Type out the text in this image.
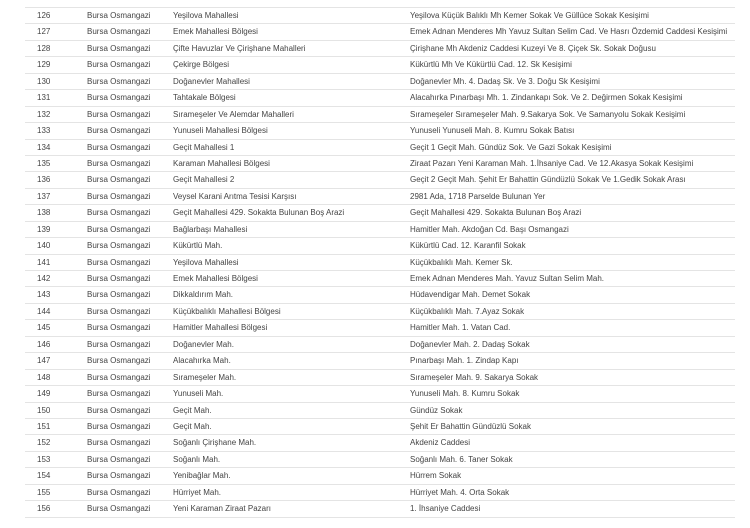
126	Bursa Osmangazi	Yeşilova Mahallesi	Yeşilova Küçük Balıklı Mh Kemer Sokak Ve Güllüce Sokak Kesişimi
127	Bursa Osmangazi	Emek Mahallesi Bölgesi	Emek Adnan Menderes Mh Yavuz Sultan Selim Cad. Ve Hasrı Özdemid Caddesi Kesişimi
128	Bursa Osmangazi	Çifte Havuzlar Ve Çirişhane Mahalleri	Çirişhane Mh Akdeniz Caddesi Kuzeyi Ve 8. Çiçek Sk. Sokak Doğusu
129	Bursa Osmangazi	Çekirge Bölgesi	Kükürtlü Mh Ve Kükürtlü Cad. 12. Sk Kesişimi
130	Bursa Osmangazi	Doğanevler Mahallesi	Doğanevler Mh. 4. Dadaş Sk. Ve 3. Doğu Sk Kesişimi
131	Bursa Osmangazi	Tahtakale Bölgesi	Alacahırka Pınarbaşı Mh. 1. Zindankapı Sok. Ve 2. Değirmen Sokak Kesişimi
132	Bursa Osmangazi	Sırameşeler Ve Alemdar Mahalleri	Sırameşeler Sırameşeler Mah. 9.Sakarya Sok. Ve Samanyolu Sokak Kesişimi
133	Bursa Osmangazi	Yunuseli Mahallesi Bölgesi	Yunuseli Yunuseli Mah. 8. Kumru Sokak Batısı
134	Bursa Osmangazi	Geçit Mahallesi 1	Geçit 1 Geçit Mah. Gündüz Sok. Ve Gazi Sokak Kesişimi
135	Bursa Osmangazi	Karaman Mahallesi Bölgesi	Ziraat Pazarı Yeni Karaman Mah. 1.İhsaniye Cad. Ve 12.Akasya Sokak Kesişimi
136	Bursa Osmangazi	Geçit Mahallesi 2	Geçit 2 Geçit Mah. Şehit Er Bahattin Gündüzlü Sokak Ve 1.Gedik Sokak Arası
137	Bursa Osmangazi	Veysel Karani Arıtma Tesisi Karşısı	2981 Ada, 1718 Parselde Bulunan Yer
138	Bursa Osmangazi	Geçit Mahallesi 429. Sokakta Bulunan Boş Arazi	Geçit Mahallesi 429. Sokakta Bulunan Boş Arazi
139	Bursa Osmangazi	Bağlarbaşı Mahallesi	Hamitler Mah. Akdoğan Cd. Başı Osmangazi
140	Bursa Osmangazi	Kükürtlü Mah.	Kükürtlü Cad. 12. Karanfil Sokak
141	Bursa Osmangazi	Yeşilova Mahallesi	Küçükbalıklı Mah. Kemer Sk.
142	Bursa Osmangazi	Emek Mahallesi Bölgesi	Emek Adnan Menderes Mah. Yavuz Sultan Selim Mah.
143	Bursa Osmangazi	Dikkaldırım Mah.	Hüdavendigar Mah. Demet Sokak
144	Bursa Osmangazi	Küçükbalıklı Mahallesi Bölgesi	Küçükbalıklı Mah. 7.Ayaz Sokak
145	Bursa Osmangazi	Hamitler Mahallesi Bölgesi	Hamitler Mah. 1. Vatan Cad.
146	Bursa Osmangazi	Doğanevler Mah.	Doğanevler Mah. 2. Dadaş Sokak
147	Bursa Osmangazi	Alacahırka Mah.	Pınarbaşı Mah. 1. Zindap Kapı
148	Bursa Osmangazi	Sırameşeler Mah.	Sırameşeler Mah. 9. Sakarya Sokak
149	Bursa Osmangazi	Yunuseli Mah.	Yunuseli Mah. 8. Kumru Sokak
150	Bursa Osmangazi	Geçit Mah.	Gündüz Sokak
151	Bursa Osmangazi	Geçit Mah.	Şehit Er Bahattin Gündüzlü Sokak
152	Bursa Osmangazi	Soğanlı Çirişhane Mah.	Akdeniz Caddesi
153	Bursa Osmangazi	Soğanlı Mah.	Soğanlı Mah. 6. Taner Sokak
154	Bursa Osmangazi	Yenibağlar Mah.	Hürrem Sokak
155	Bursa Osmangazi	Hürriyet Mah.	Hürriyet Mah. 4. Orta Sokak
156	Bursa Osmangazi	Yeni Karaman Ziraat Pazarı	1. İhsaniye Caddesi
